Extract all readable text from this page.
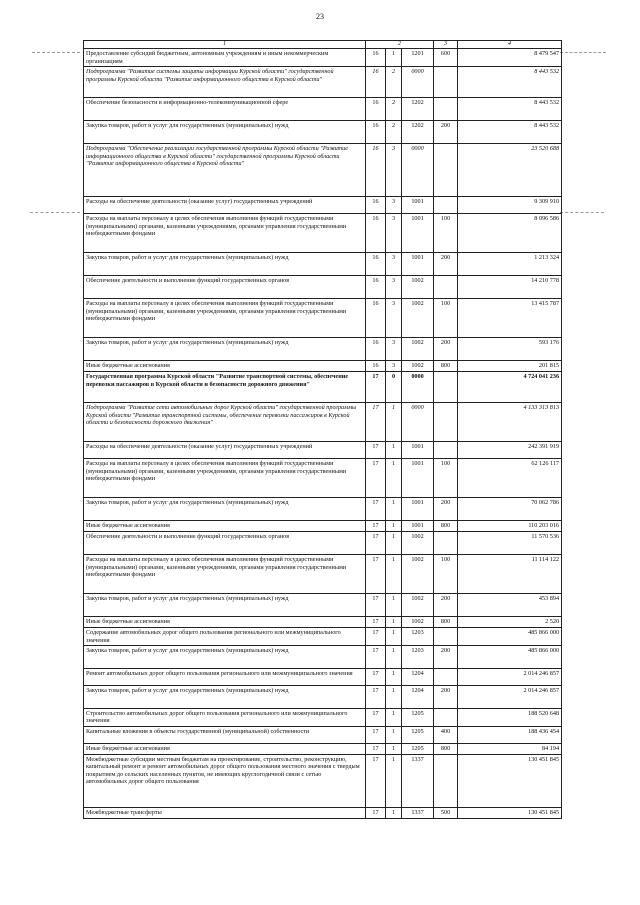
23
1	2			3	4
Предоставление субсидий бюджетным, автономным учреждениям и иным некоммерческим организациям	16	1	1201	600	8 479 547
Подпрограмма "Развитие системы защиты информации Курской области" государственной программы Курской области "Развитие информационного общества в Курской области"	16	2	0000		8 443 532
Обеспечение безопасности в информационно-телекоммуникационной сфере	16	2	1202		8 443 532
Закупка товаров, работ и услуг для государственных (муниципальных) нужд	16	2	1202	200	8 443 532
Подпрограмма "Обеспечение реализации государственной программы Курской области "Развитие информационного общества в Курской области" государственной программы Курской области "Развитие информационного общества в Курской области"	16	3	0000		23 520 688
Расходы на обеспечение деятельности (оказание услуг) государственных учреждений	16	3	1001		9 309 910
Расходы на выплаты персоналу в целях обеспечения выполнения функций государственными (муниципальными) органами, казенными учреждениями, органами управления государственными внебюджетными фондами	16	3	1001	100	8 096 586
Закупка товаров, работ и услуг для государственных (муниципальных) нужд	16	3	1001	200	1 213 324
Обеспечение деятельности и выполнение функций государственных органов	16	3	1002		14 210 778
Расходы на выплаты персоналу в целях обеспечения выполнения функций государственными (муниципальными) органами, казенными учреждениями, органами управления государственными внебюджетными фондами	16	3	1002	100	13 415 787
Закупка товаров, работ и услуг для государственных (муниципальных) нужд	16	3	1002	200	593 176
Иные бюджетные ассигнования	16	3	1002	800	201 815
Государственная программа Курской области "Развитие транспортной системы, обеспечение перевозки пассажиров в Курской области и безопасности дорожного движения"	17	0	0000		4 724 041 236
Подпрограмма "Развитие сети автомобильных дорог Курской области" государственной программы Курской области "Развитие транспортной системы, обеспечение перевозки пассажиров в Курской области и безопасности дорожного движения"	17	1	0000		4 133 313 813
Расходы на обеспечение деятельности (оказание услуг) государственных учреждений	17	1	1001		242 391 919
Расходы на выплаты персоналу в целях обеспечения выполнения функций государственными (муниципальными) органами, казенными учреждениями, органами управления государственными внебюджетными фондами	17	1	1001	100	62 126 117
Закупка товаров, работ и услуг для государственных (муниципальных) нужд	17	1	1001	200	70 062 786
Иные бюджетные ассигнования	17	1	1001	800	110 203 016
Обеспечение деятельности и выполнение функций государственных органов	17	1	1002		11 570 536
Расходы на выплаты персоналу в целях обеспечения выполнения функций государственными (муниципальными) органами, казенными учреждениями, органами управления государственными внебюджетными фондами	17	1	1002	100	11 114 122
Закупка товаров, работ и услуг для государственных (муниципальных) нужд	17	1	1002	200	453 894
Иные бюджетные ассигнования	17	1	1002	800	2 520
Содержание автомобильных дорог общего пользования регионального или межмуниципального значения	17	1	1203		485 866 000
Закупка товаров, работ и услуг для государственных (муниципальных) нужд	17	1	1203	200	485 866 000
Ремонт автомобильных дорог общего пользования регионального или межмуниципального значения	17	1	1204		2 014 246 857
Закупка товаров, работ и услуг для государственных (муниципальных) нужд	17	1	1204	200	2 014 246 857
Строительство автомобильных дорог общего пользования регионального или межмуниципального значения	17	1	1205		188 520 648
Капитальные вложения в объекты государственной (муниципальной) собственности	17	1	1205	400	188 436 454
Иные бюджетные ассигнования	17	1	1205	800	84 194
Межбюджетные субсидии местным бюджетам на проектирование, строительство, реконструкцию, капитальный ремонт и ремонт автомобильных дорог общего пользования местного значения с твердым покрытием до сельских населенных пунктов, не имеющих круглогодичной связи с сетью автомобильных дорог общего пользования	17	1	1337		130 451 845
Межбюджетные трансферты	17	1	1337	500	130 451 845
